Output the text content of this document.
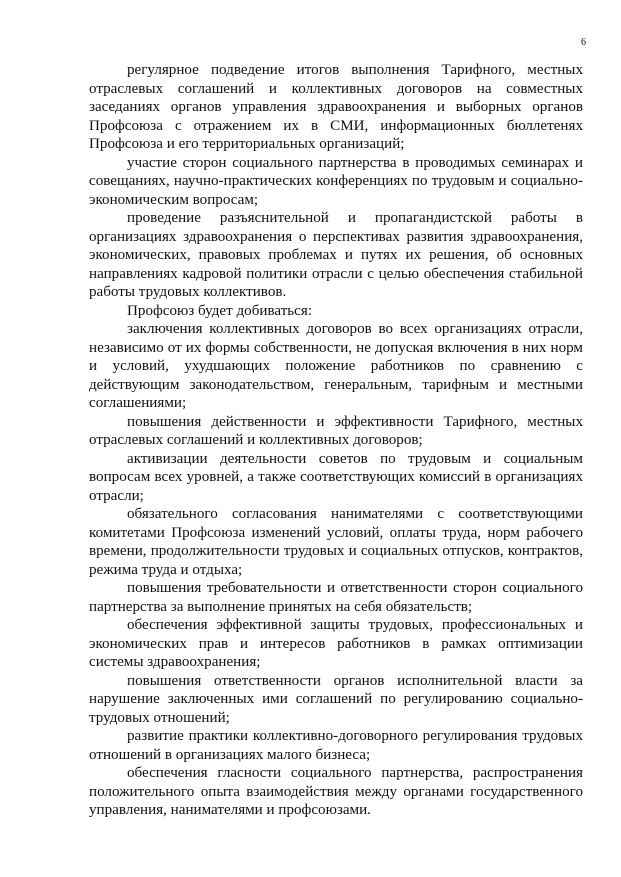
6

регулярное подведение итогов выполнения Тарифного, местных отраслевых соглашений и коллективных договоров на совместных заседаниях органов управления здравоохранения и выборных органов Профсоюза с отражением их в СМИ, информационных бюллетенях Профсоюза и его территориальных организаций;

участие сторон социального партнерства в проводимых семинарах и совещаниях, научно-практических конференциях по трудовым и социально-экономическим вопросам;

проведение разъяснительной и пропагандистской работы в организациях здравоохранения о перспективах развития здравоохранения, экономических, правовых проблемах и путях их решения, об основных направлениях кадровой политики отрасли с целью обеспечения стабильной работы трудовых коллективов.

Профсоюз будет добиваться:

заключения коллективных договоров во всех организациях отрасли, независимо от их формы собственности, не допуская включения в них норм и условий, ухудшающих положение работников по сравнению с действующим законодательством, генеральным, тарифным и местными соглашениями;

повышения действенности и эффективности Тарифного, местных отраслевых соглашений и коллективных договоров;

активизации деятельности советов по трудовым и социальным вопросам всех уровней, а также соответствующих комиссий в организациях отрасли;

обязательного согласования нанимателями с соответствующими комитетами Профсоюза изменений условий, оплаты труда, норм рабочего времени, продолжительности трудовых и социальных отпусков, контрактов, режима труда и отдыха;

повышения требовательности и ответственности сторон социального партнерства за выполнение принятых на себя обязательств;

обеспечения эффективной защиты трудовых, профессиональных и экономических прав и интересов работников в рамках оптимизации системы здравоохранения;

повышения ответственности органов исполнительной власти за нарушение заключенных ими соглашений по регулированию социально-трудовых отношений;

развитие практики коллективно-договорного регулирования трудовых отношений в организациях малого бизнеса;

обеспечения гласности социального партнерства, распространения положительного опыта взаимодействия между органами государственного управления, нанимателями и профсоюзами.
